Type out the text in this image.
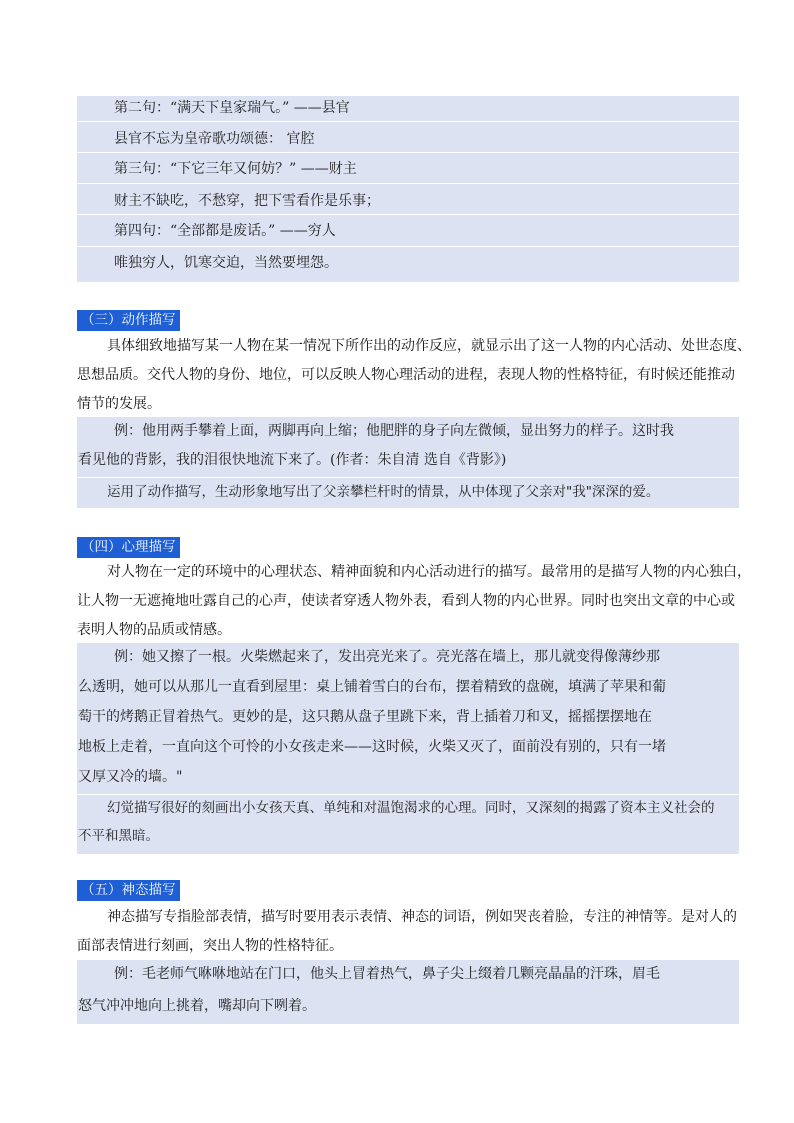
第二句：“满天下皇家瑞气。” ——县官
县官不忘为皇帝歌功颂德： 官腔
第三句：“下它三年又何妨？” ——财主
财主不缺吃，不愁穿，把下雪看作是乐事；
第四句：“全部都是废话。” ——穷人
唯独穷人，饥寒交迫，当然要埋怨。
（三）动作描写
具体细致地描写某一人物在某一情况下所作出的动作反应，就显示出了这一人物的内心活动、处世态度、
思想品质。交代人物的身份、地位，可以反映人物心理活动的进程，表现人物的性格特征，有时候还能推动
情节的发展。
例：他用两手攀着上面，两脚再向上缩；他肥胖的身子向左微倾，显出努力的样子。这时我
看见他的背影，我的泪很快地流下来了。(作者：朱自清 选自《背影》)
运用了动作描写，生动形象地写出了父亲攀栏杆时的情景，从中体现了父亲对"我"深深的爱。
（四）心理描写
对人物在一定的环境中的心理状态、精神面貌和内心活动进行的描写。最常用的是描写人物的内心独白，
让人物一无遮掩地吐露自己的心声，使读者穿透人物外表，看到人物的内心世界。同时也突出文章的中心或
表明人物的品质或情感。
例：她又擦了一根。火柴燃起来了，发出亮光来了。亮光落在墙上，那儿就变得像薄纱那
么透明，她可以从那儿一直看到屋里：桌上铺着雪白的台布，摆着精致的盘碗，填满了苹果和葡
萄干的烤鹅正冒着热气。更妙的是，这只鹅从盘子里跳下来，背上插着刀和叉，摇摇摆摆地在
地板上走着，一直向这个可怜的小女孩走来——这时候，火柴又灭了，面前没有别的，只有一堵
又厚又冷的墙。"
幻觉描写很好的刻画出小女孩天真、单纯和对温饱渴求的心理。同时，又深刻的揭露了资本主义社会的
不平和黑暗。
（五）神态描写
神态描写专指脸部表情，描写时要用表示表情、神态的词语，例如哭丧着脸，专注的神情等。是对人的
面部表情进行刻画，突出人物的性格特征。
例：毛老师气咻咻地站在门口，他头上冒着热气，鼻子尖上缀着几颗亮晶晶的汗珠，眉毛
怒气冲冲地向上挑着，嘴却向下咧着。
